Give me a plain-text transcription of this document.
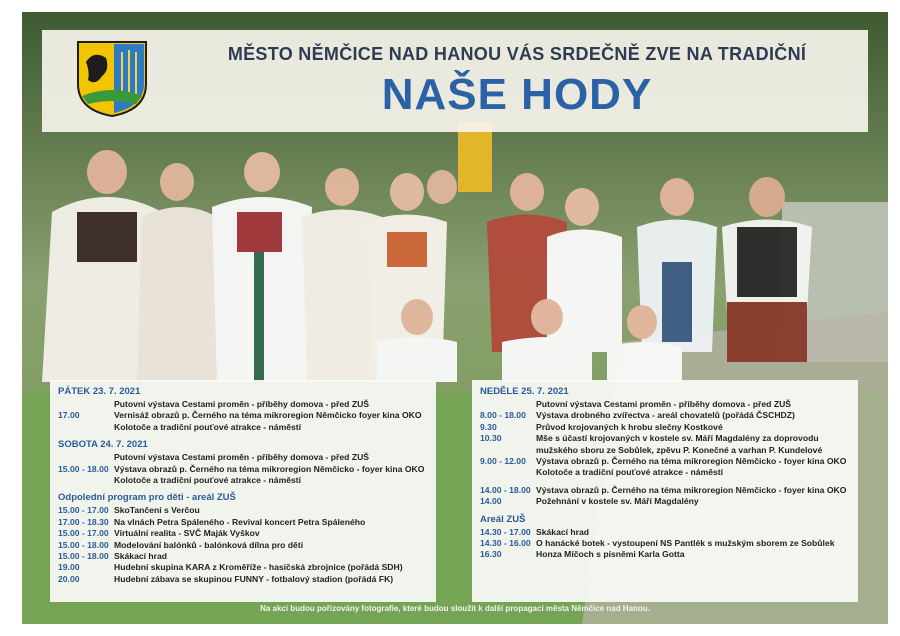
MĚSTO NĚMČICE NAD HANOU VÁS SRDEČNĚ ZVE NA TRADIČNÍ
NAŠE HODY
PÁTEK 23. 7. 2021
Putovní výstava Cestami proměn - příběhy domova - před ZUŠ
17.00	Vernisáž obrazů p. Černého na téma mikroregion Němčicko foyer kina OKO
Kolotoče a tradiční pouťové atrakce - náměstí
SOBOTA 24. 7. 2021
Putovní výstava Cestami proměn - příběhy domova - před ZUŠ
15.00 - 18.00 Výstava obrazů p. Černého na téma mikroregion Němčicko - foyer kina OKO
Kolotoče a tradiční pouťové atrakce - náměstí
Odpolední program pro děti - areál ZUŠ
15.00 - 17.00 SkoTančení s Verčou
17.00 - 18.30 Na vlnách Petra Spáleného - Revival koncert Petra Spáleného
15.00 - 17.00 Virtuální realita - SVČ Maják Vyškov
15.00 - 18.00 Modelování balónků - balónková dílna pro děti
15.00 - 18.00 Skákací hrad
19.00	Hudební skupina KARA z Kroměříže - hasičská zbrojnice (pořádá SDH)
20.00	Hudební zábava se skupinou FUNNY - fotbalový stadion (pořádá FK)
NEDĚLE 25. 7. 2021
Putovní výstava Cestami proměn - příběhy domova - před ZUŠ
8.00 - 18.00	Výstava drobného zvířectva - areál chovatelů (pořádá ČSCHDZ)
9.30	Průvod krojovaných k hrobu slečny Kostkové
10.30	Mše s účastí krojovaných v kostele sv. Máří Magdalény za doprovodu mužského sboru ze Sobůlek, zpěvu P. Konečné a varhan P. Kundelové
9.00 - 12.00	Výstava obrazů p. Černého na téma mikroregion Němčicko - foyer kina OKO
Kolotoče a tradiční pouťové atrakce - náměstí
14.00 - 18.00 Výstava obrazů p. Černého na téma mikroregion Němčicko - foyer kina OKO
14.00	Požehnání v kostele sv. Máří Magdalény
Areál ZUŠ
14.30 - 17.00 Skákací hrad
14.30 - 16.00 O hanácké botek - vystoupení NS Pantlék s mužským sborem ze Sobůlek
16.30	Honza Míčoch s písněmi Karla Gotta
Na akci budou pořizovány fotografie, které budou sloužit k další propagaci města Němčice nad Hanou.
